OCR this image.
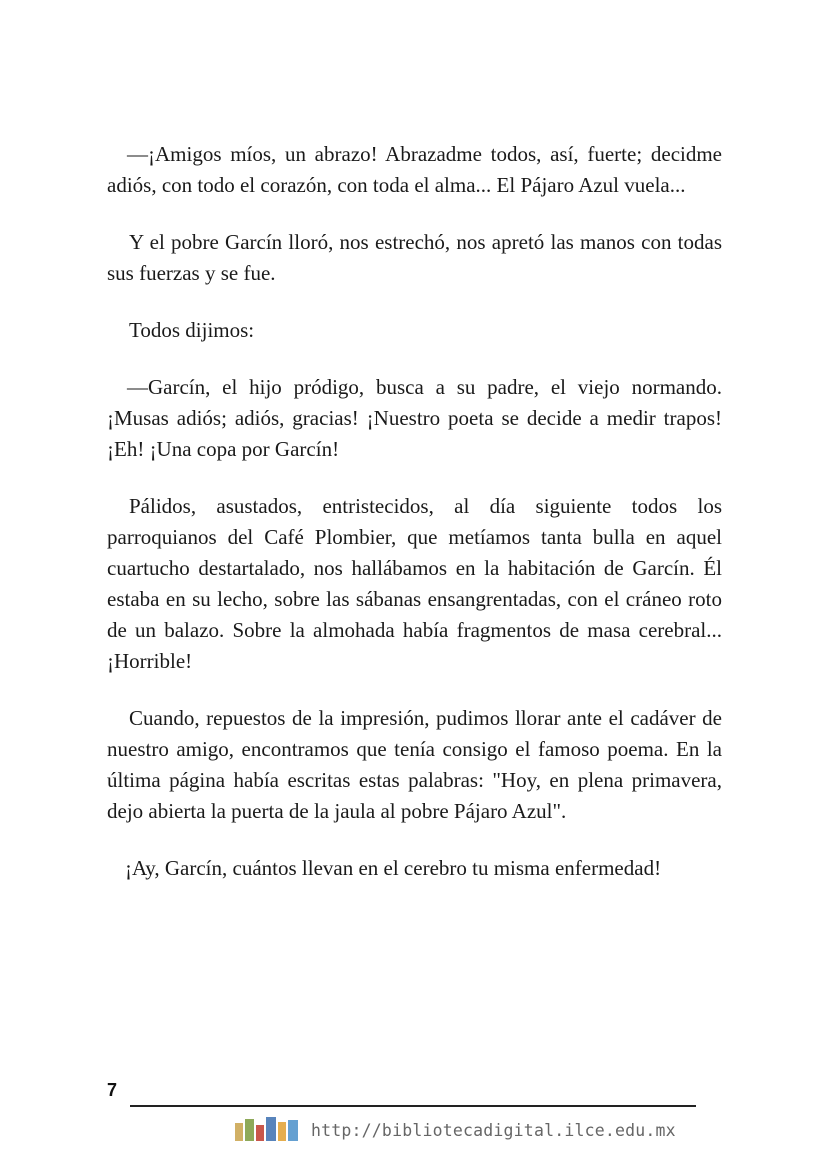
—¡Amigos míos, un abrazo! Abrazadme todos, así, fuerte; decidme adiós, con todo el corazón, con toda el alma... El Pájaro Azul vuela...

Y el pobre Garcín lloró, nos estrechó, nos apretó las manos con todas sus fuerzas y se fue.

Todos dijimos:

—Garcín, el hijo pródigo, busca a su padre, el viejo normando. ¡Musas adiós; adiós, gracias! ¡Nuestro poeta se decide a medir trapos! ¡Eh! ¡Una copa por Garcín!

Pálidos, asustados, entristecidos, al día siguiente todos los parroquianos del Café Plombier, que metíamos tanta bulla en aquel cuartucho destartalado, nos hallábamos en la habitación de Garcín. Él estaba en su lecho, sobre las sábanas ensangrentadas, con el cráneo roto de un balazo. Sobre la almohada había fragmentos de masa cerebral... ¡Horrible!

Cuando, repuestos de la impresión, pudimos llorar ante el cadáver de nuestro amigo, encontramos que tenía consigo el famoso poema. En la última página había escritas estas palabras: "Hoy, en plena primavera, dejo abierta la puerta de la jaula al pobre Pájaro Azul".

¡Ay, Garcín, cuántos llevan en el cerebro tu misma enfermedad!

7
http://bibliotecadigital.ilce.edu.mx
